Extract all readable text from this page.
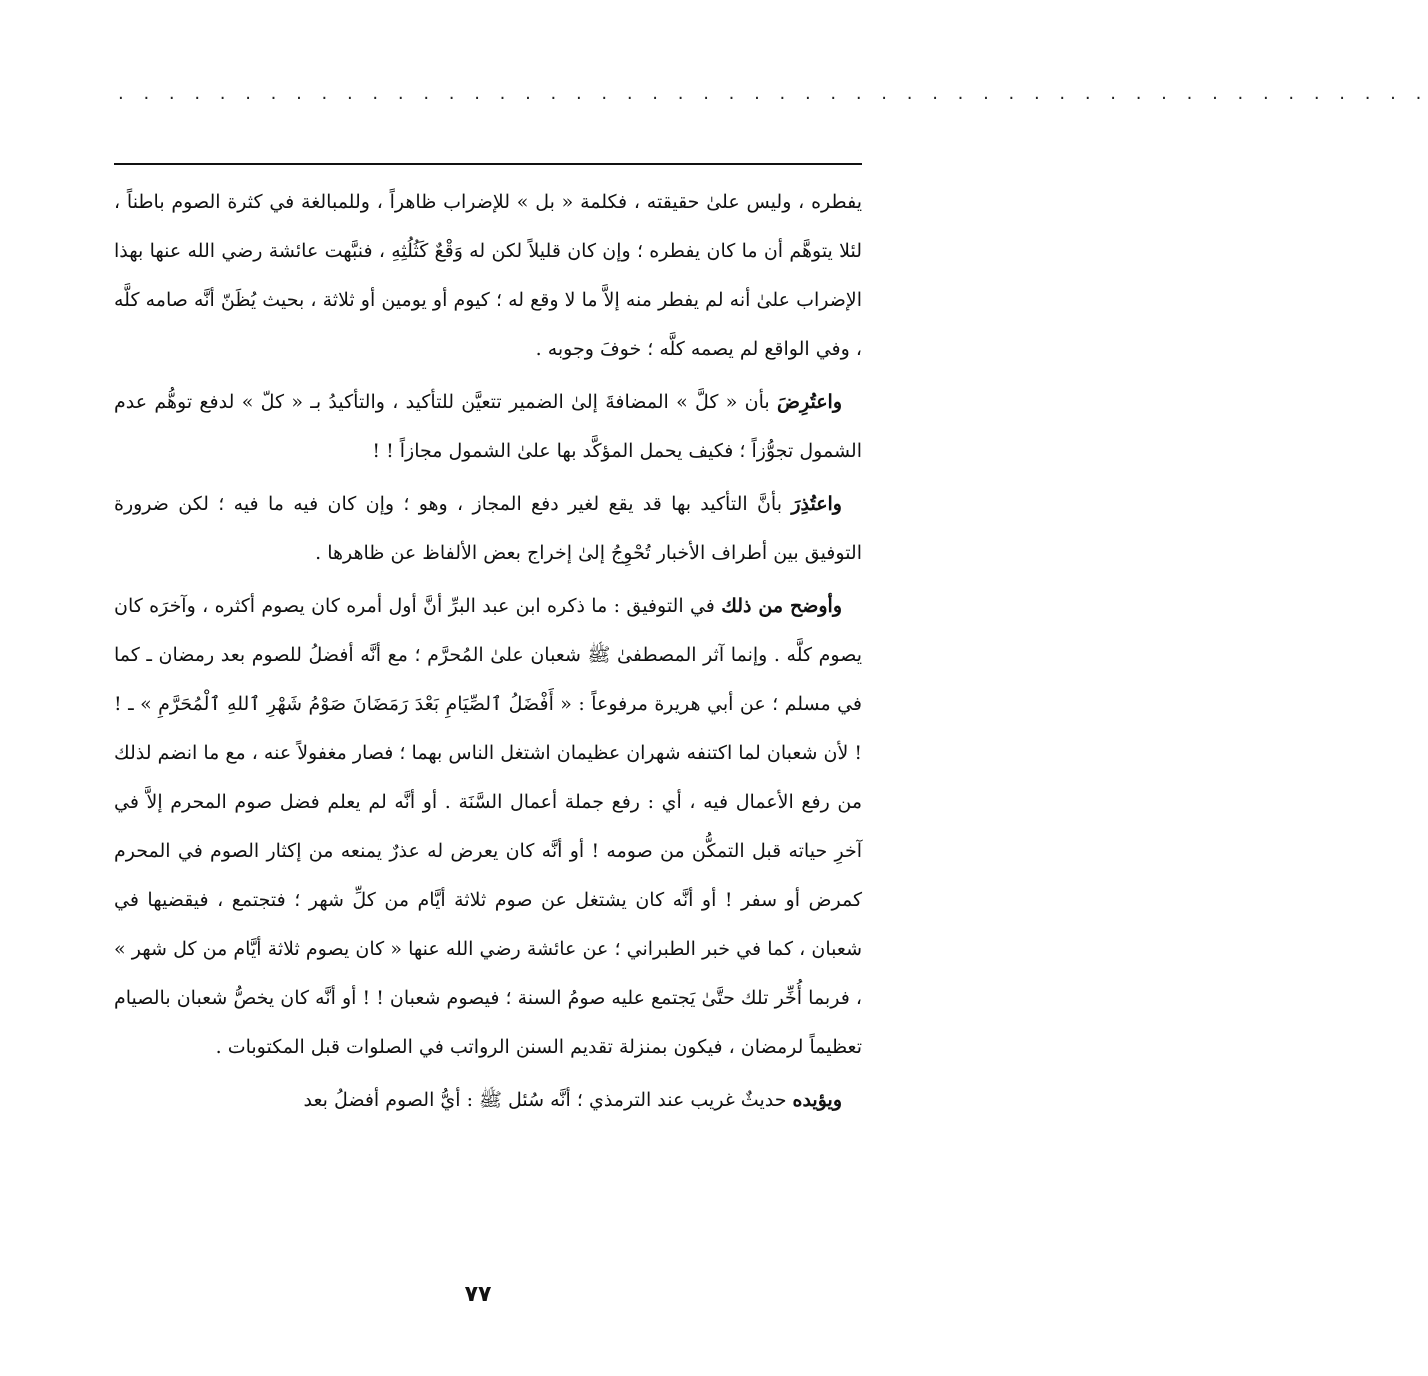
· · · · · · · · · · · · · · · · · · · · · · · · · · · · · · · · · · · · · · · · · · · · · · · · · · · ·

يفطره ، وليس علىٰ حقيقته ، فكلمة « بل » للإضراب ظاهراً ، وللمبالغة في كثرة الصوم باطناً ، لئلا يتوهَّم أن ما كان يفطره ؛ وإن كان قليلاً لكن له وَقْعٌ كَثُلُثِهِ ، فنبَّهت عائشة رضي الله عنها بهذا الإضراب علىٰ أنه لم يفطر منه إلاَّ ما لا وقع له ؛ كيوم أو يومين أو ثلاثة ، بحيث يُظَنّ أنَّه صامه كلَّه ، وفي الواقع لم يصمه كلَّه ؛ خوفَ وجوبه .

واعتُرِضَ بأن « كلَّ » المضافةَ إلىٰ الضمير تتعيَّن للتأكيد ، والتأكيدُ بـ « كلّ » لدفع توهُّم عدم الشمول تجوُّزاً ؛ فكيف يحمل المؤكَّد بها علىٰ الشمول مجازاً ! !

واعتُذِرَ بأنَّ التأكيد بها قد يقع لغير دفع المجاز ، وهو ؛ وإن كان فيه ما فيه ؛ لكن ضرورة التوفيق بين أطراف الأخبار تُحْوِجُ إلىٰ إخراج بعض الألفاظ عن ظاهرها .

وأوضح من ذلك في التوفيق : ما ذكره ابن عبد البرِّ أنَّ أول أمره كان يصوم أكثره ، وآخرَه كان يصوم كلَّه . وإنما آثر المصطفىٰ ﷺ شعبان علىٰ المُحرَّم ؛ مع أنَّه أفضلُ للصوم بعد رمضان ـ كما في مسلم ؛ عن أبي هريرة مرفوعاً : « أَفْضَلُ ٱلصِّيَامِ بَعْدَ رَمَضَانَ صَوْمُ شَهْرِ ٱللهِ ٱلْمُحَرَّمِ » ـ ! ! لأن شعبان لما اكتنفه شهران عظيمان اشتغل الناس بهما ؛ فصار مغفولاً عنه ، مع ما انضم لذلك من رفع الأعمال فيه ، أي : رفع جملة أعمال السَّنَة . أو أنَّه لم يعلم فضل صوم المحرم إلاَّ في آخرِ حياته قبل التمكُّن من صومه ! أو أنَّه كان يعرض له عذرٌ يمنعه من إكثار الصوم في المحرم كمرض أو سفر ! أو أنَّه كان يشتغل عن صوم ثلاثة أيَّام من كلِّ شهر ؛ فتجتمع ، فيقضيها في شعبان ، كما في خبر الطبراني ؛ عن عائشة رضي الله عنها « كان يصوم ثلاثة أيَّام من كل شهر » ، فربما أُخِّر تلك حتَّىٰ يَجتمع عليه صومُ السنة ؛ فيصوم شعبان ! ! أو أنَّه كان يخصُّ شعبان بالصيام تعظيماً لرمضان ، فيكون بمنزلة تقديم السنن الرواتب في الصلوات قبل المكتوبات .

ويؤيده حديثٌ غريب عند الترمذي ؛ أنَّه سُئل ﷺ : أيُّ الصوم أفضلُ بعد

٧٧
